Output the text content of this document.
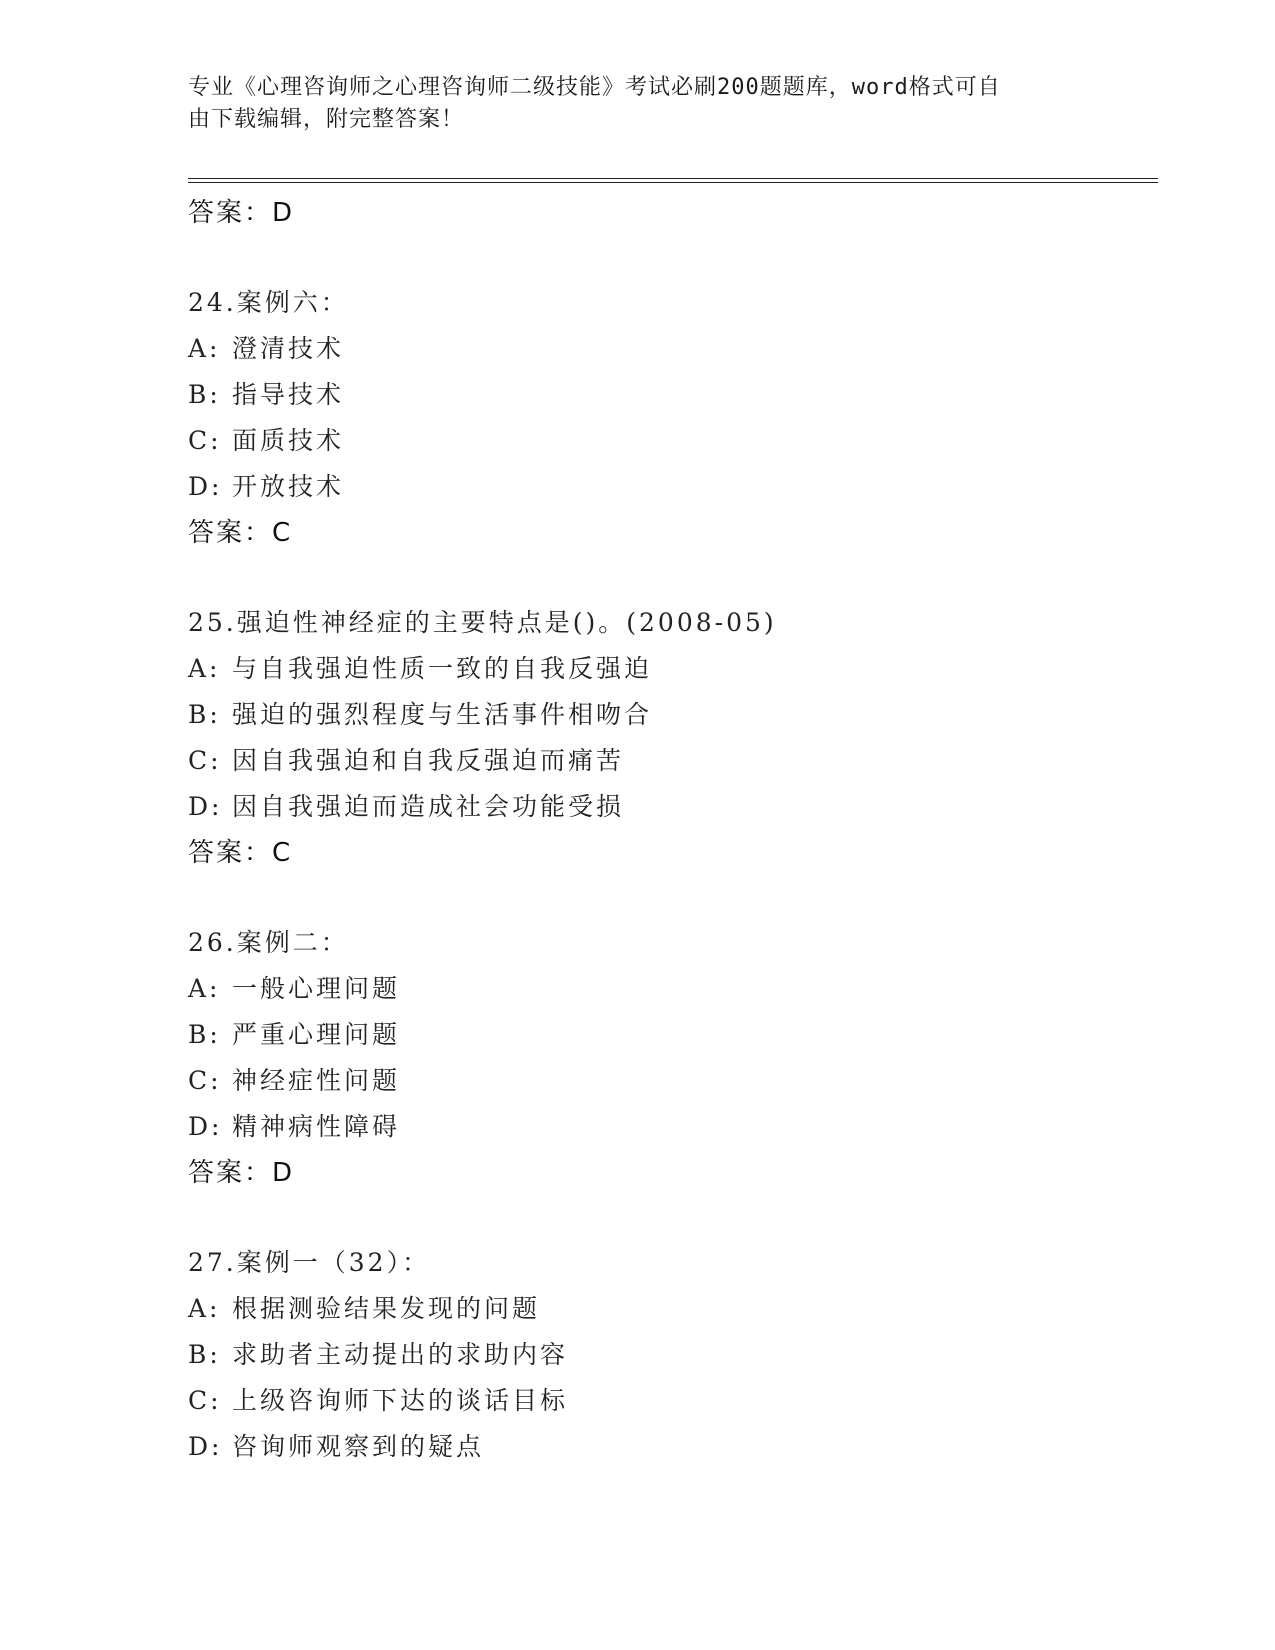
专业《心理咨询师之心理咨询师二级技能》考试必刷200题题库，word格式可自
由下载编辑，附完整答案！
答案：D
24.案例六：
A: 澄清技术
B: 指导技术
C: 面质技术
D: 开放技术
答案：C
25.强迫性神经症的主要特点是()。(2008-05)
A: 与自我强迫性质一致的自我反强迫
B: 强迫的强烈程度与生活事件相吻合
C: 因自我强迫和自我反强迫而痛苦
D: 因自我强迫而造成社会功能受损
答案：C
26.案例二：
A: 一般心理问题
B: 严重心理问题
C: 神经症性问题
D: 精神病性障碍
答案：D
27.案例一（32）：
A: 根据测验结果发现的问题
B: 求助者主动提出的求助内容
C: 上级咨询师下达的谈话目标
D: 咨询师观察到的疑点
